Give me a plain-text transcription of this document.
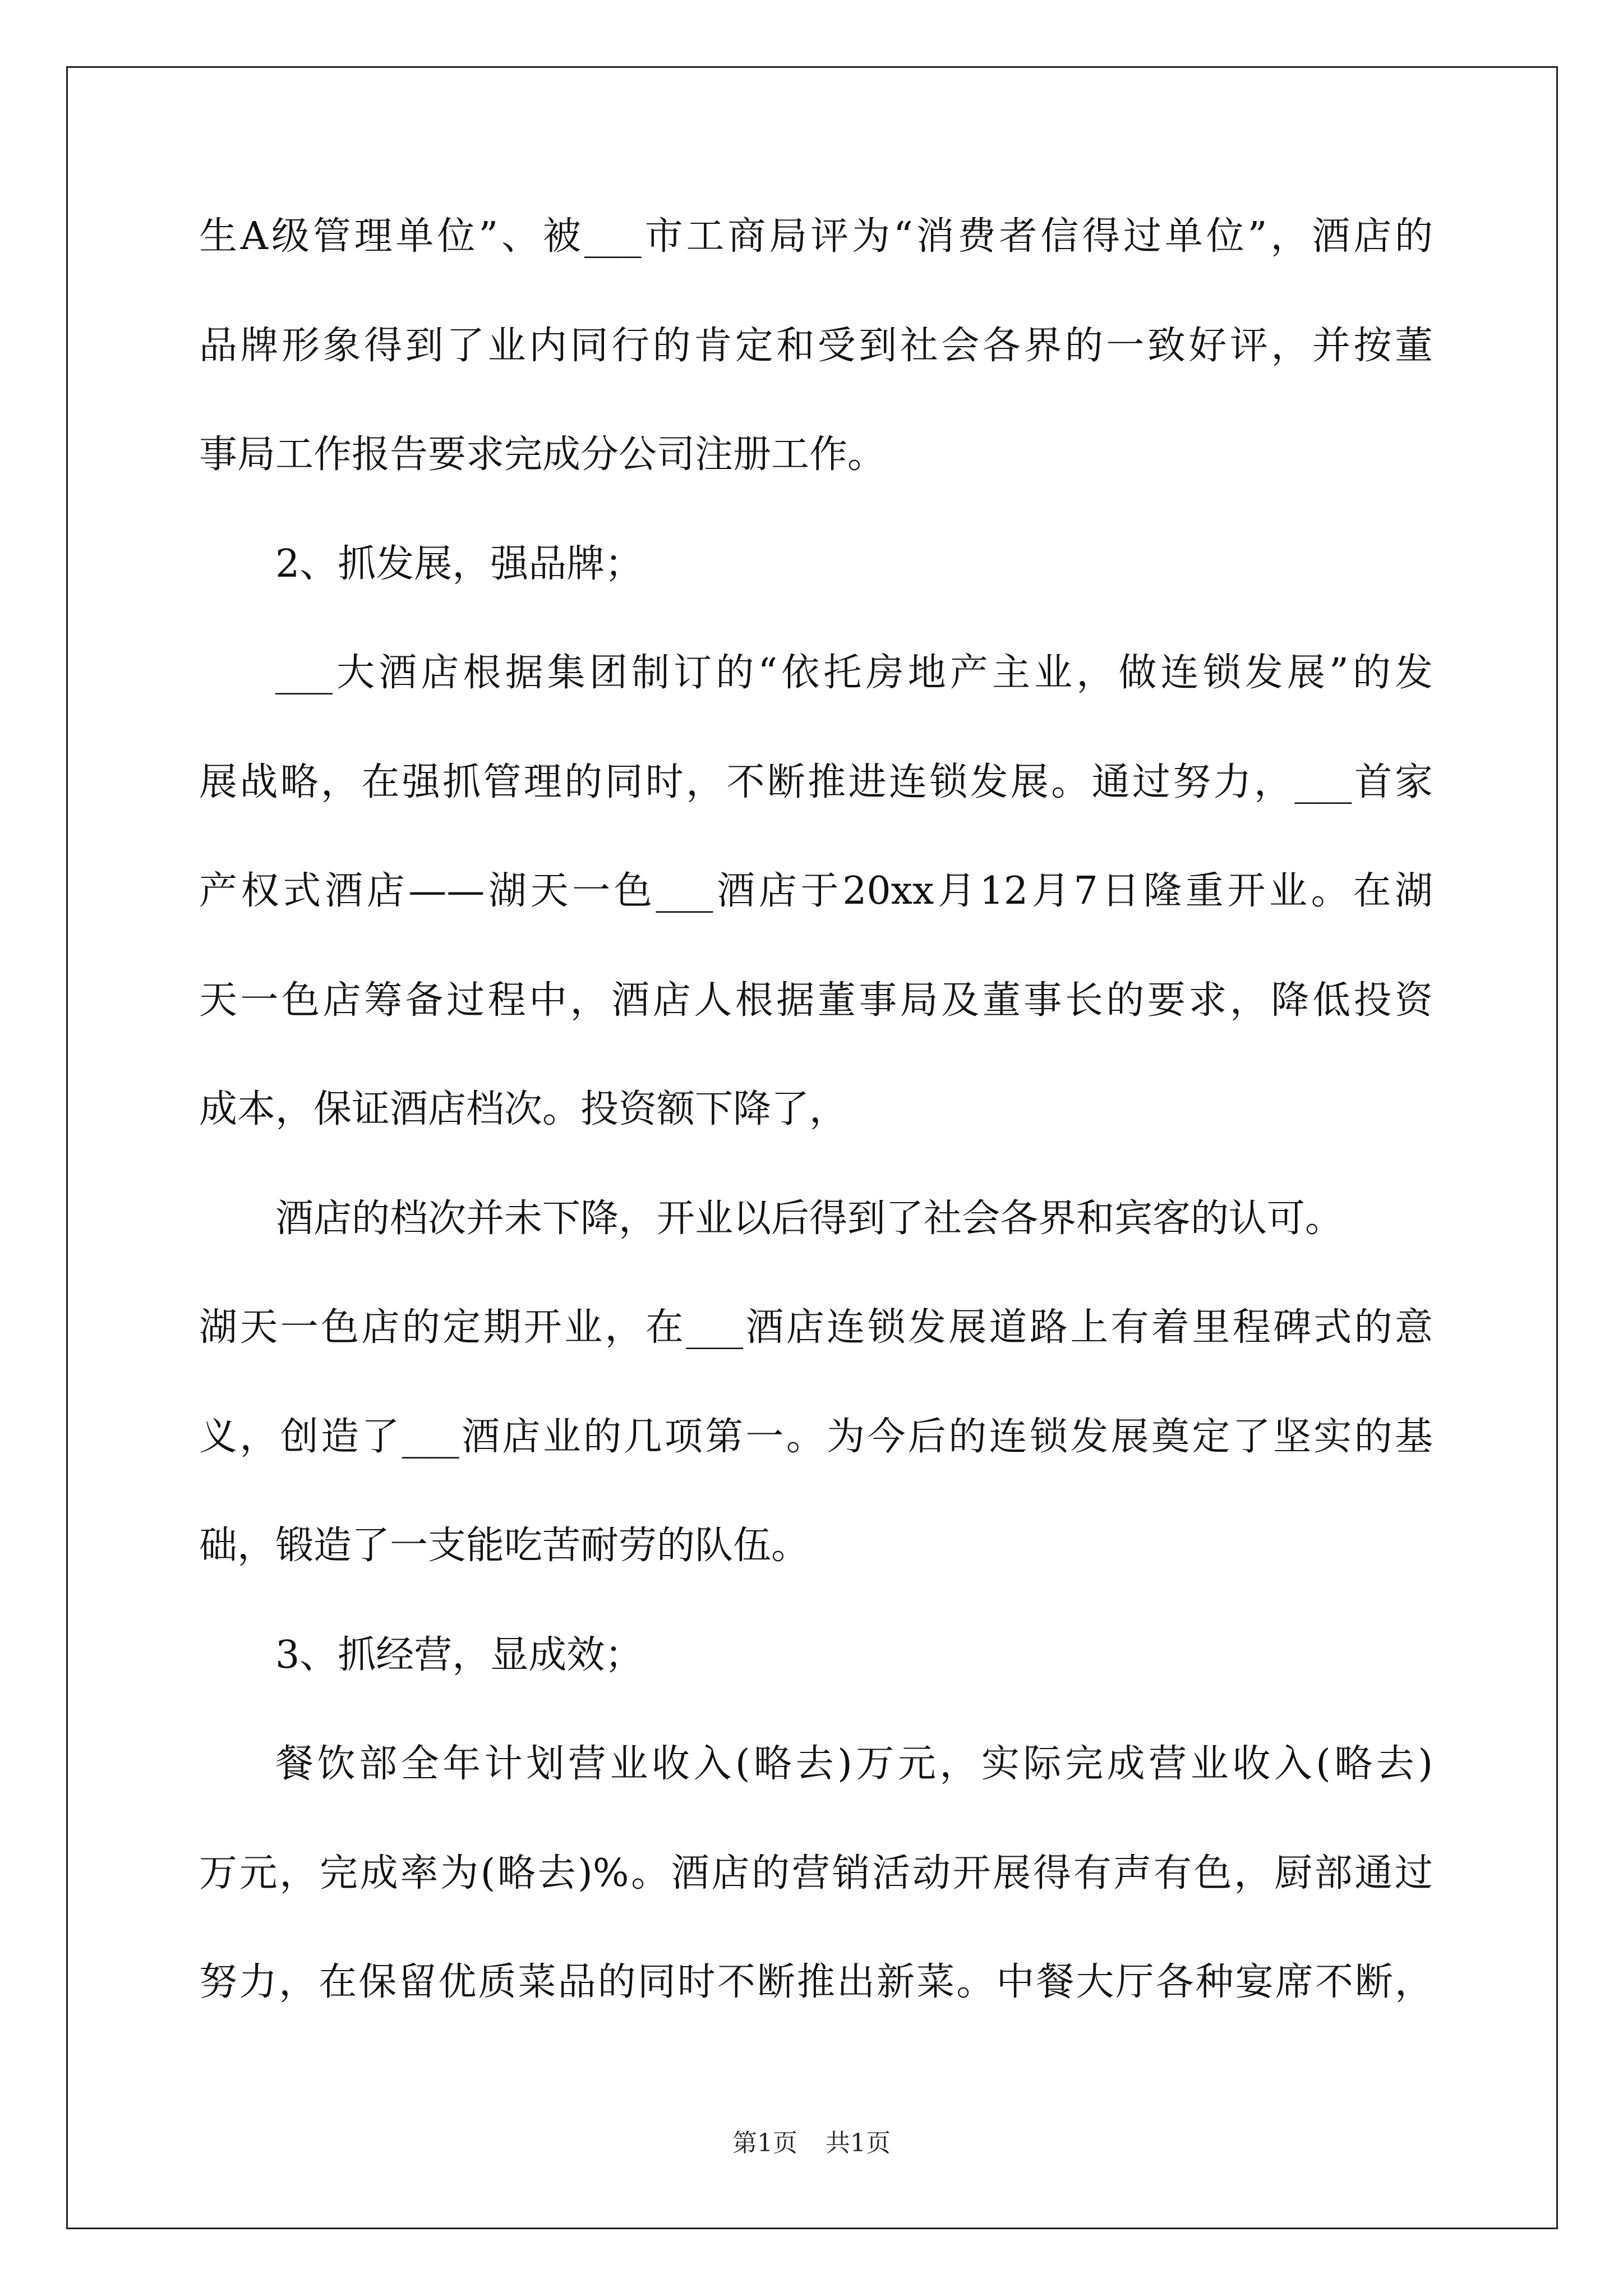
生A级管理单位”、被___市工商局评为“消费者信得过单位”，酒店的
品牌形象得到了业内同行的肯定和受到社会各界的一致好评，并按董
事局工作报告要求完成分公司注册工作。
2、抓发展，强品牌；
___大酒店根据集团制订的“依托房地产主业，做连锁发展”的发
展战略，在强抓管理的同时，不断推进连锁发展。通过努力，___首家
产权式酒店——湖天一色___酒店于20xx月12月7日隆重开业。在湖
天一色店筹备过程中，酒店人根据董事局及董事长的要求，降低投资
成本，保证酒店档次。投资额下降了，
酒店的档次并未下降，开业以后得到了社会各界和宾客的认可。
湖天一色店的定期开业，在___酒店连锁发展道路上有着里程碑式的意
义，创造了___酒店业的几项第一。为今后的连锁发展奠定了坚实的基
础，锻造了一支能吃苦耐劳的队伍。
3、抓经营，显成效；
餐饮部全年计划营业收入(略去)万元，实际完成营业收入(略去)
万元，完成率为(略去)%。酒店的营销活动开展得有声有色，厨部通过
努力，在保留优质菜品的同时不断推出新菜。中餐大厅各种宴席不断，
第1页 共1页
